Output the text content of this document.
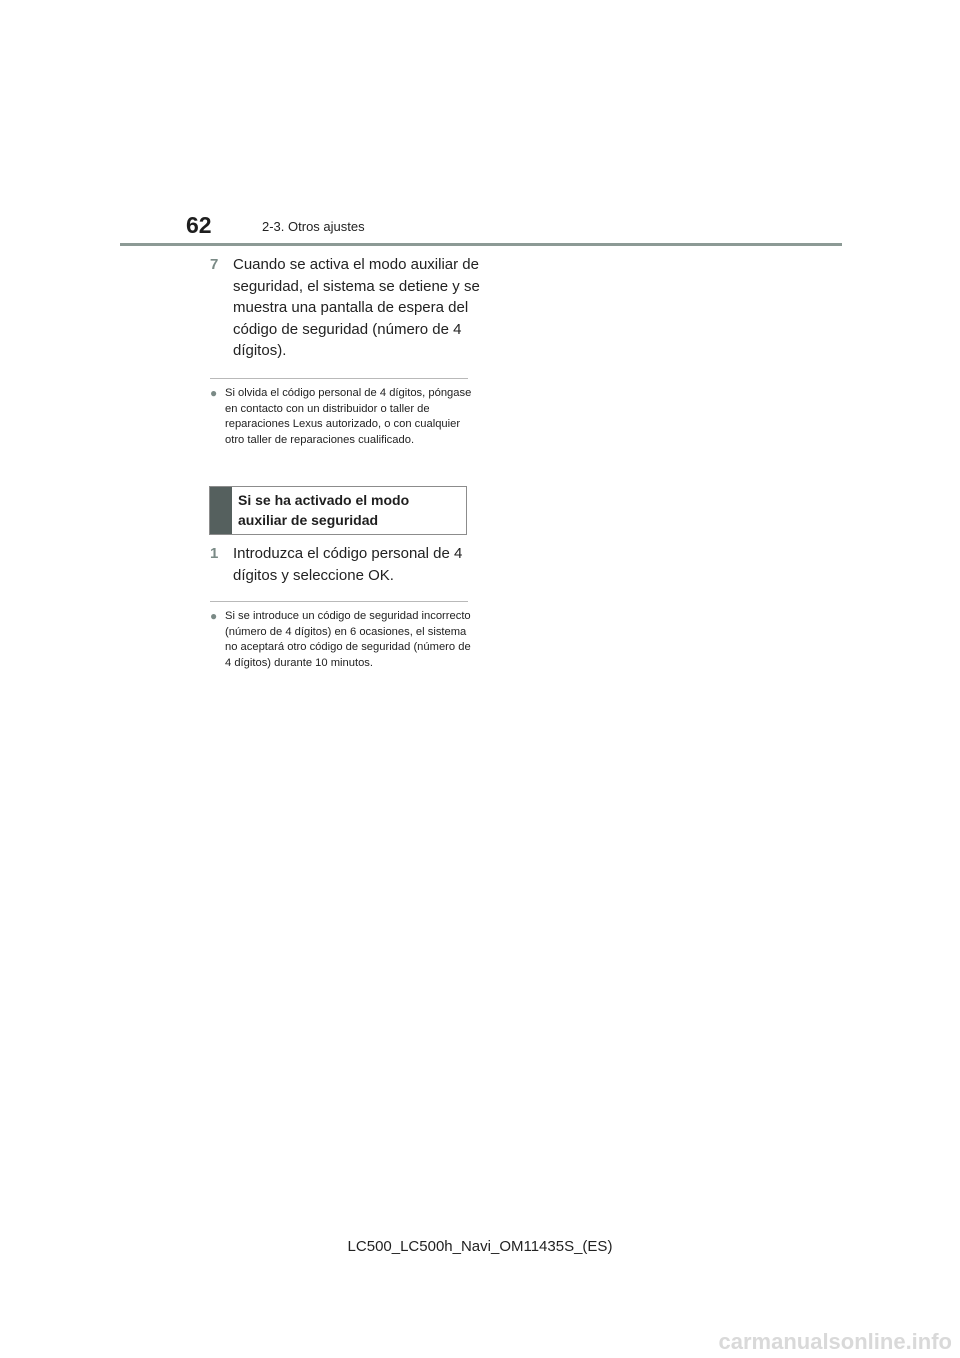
62	2-3. Otros ajustes
7 Cuando se activa el modo auxiliar de seguridad, el sistema se detiene y se muestra una pantalla de espera del código de seguridad (número de 4 dígitos).
● Si olvida el código personal de 4 dígitos, póngase en contacto con un distribuidor o taller de reparaciones Lexus autorizado, o con cualquier otro taller de reparaciones cualificado.
Si se ha activado el modo auxiliar de seguridad
1 Introduzca el código personal de 4 dígitos y seleccione OK.
● Si se introduce un código de seguridad incorrecto (número de 4 dígitos) en 6 ocasiones, el sistema no aceptará otro código de seguridad (número de 4 dígitos) durante 10 minutos.
LC500_LC500h_Navi_OM11435S_(ES)
carmanualsonline.info
